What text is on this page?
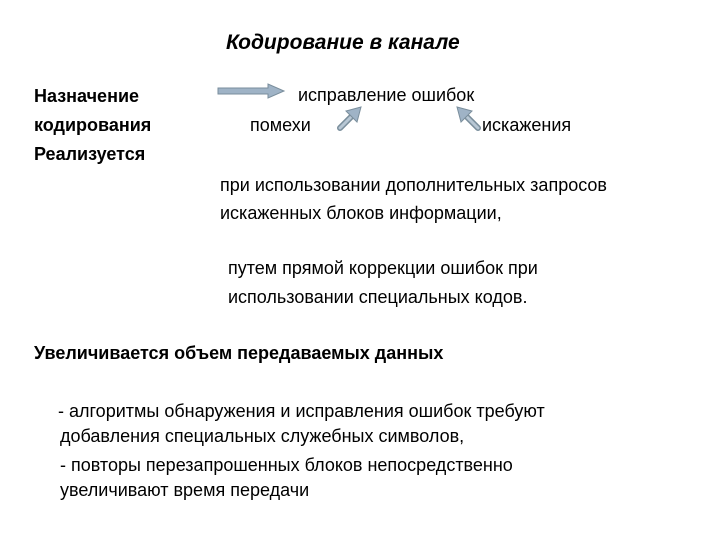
Кодирование в канале
Назначение
кодирования
Реализуется
исправление ошибок
помехи	искажения
при использовании дополнительных запросов
искаженных блоков информации,
путем прямой коррекции ошибок при
использовании специальных кодов.
Увеличивается объем передаваемых данных
- алгоритмы обнаружения и исправления ошибок требуют
добавления специальных служебных символов,
- повторы перезапрошенных блоков непосредственно
увеличивают время передачи
